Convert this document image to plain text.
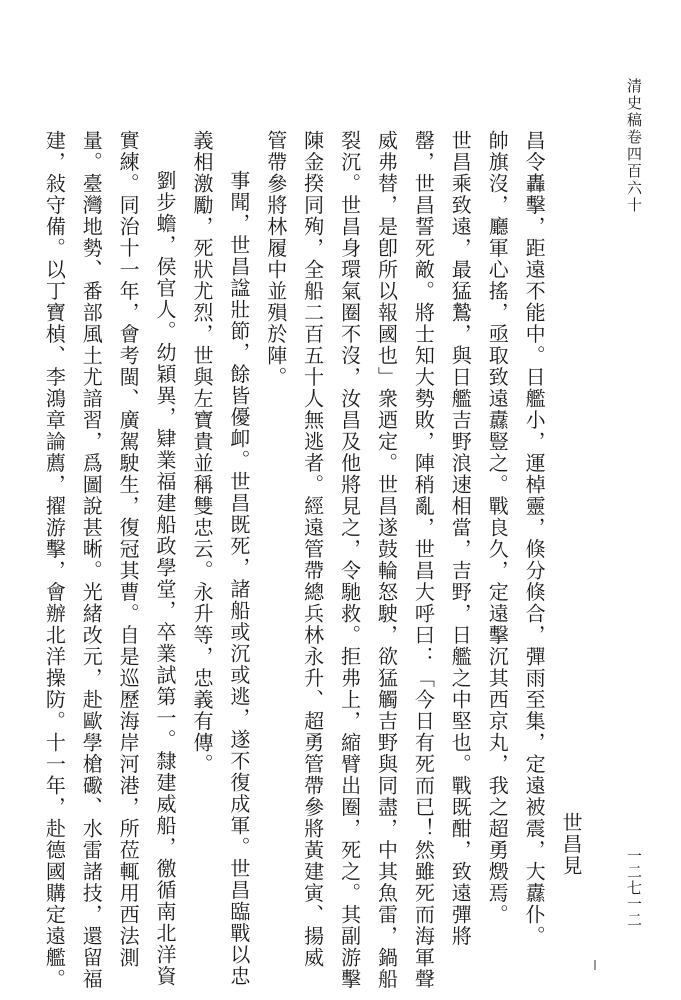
清史稿卷四百六十
一二七一二
世昌見
昌令轟擊，距遠不能中。日艦小，運棹靈，倏分倏合，彈雨至集，定遠被震，大纛仆。
帥旗沒，廳軍心搖，亟取致遠纛豎之。戰良久，定遠擊沉其西京丸，我之超勇燬焉。
世昌乘致遠，最猛鷙，與日艦吉野浪速相當，吉野，日艦之中堅也。戰既酣，致遠彈將
罄，世昌誓死敵。將士知大勢敗，陣稍亂，世昌大呼曰：「今日有死而已！然雖死而海軍聲
威弗替，是卽所以報國也」衆迺定。世昌遂鼓輪怒駛，欲猛觸吉野與同盡，中其魚雷，鍋船
裂沉。世昌身環氣圈不沒，汝昌及他將見之，令馳救。拒弗上，縮臂出圈，死之。其副游擊
陳金揆同殉，全船二百五十人無逃者。經遠管帶總兵林永升、超勇管帶參將黃建寅、揚威
管帶參將林履中並殞於陣。
事聞，世昌諡壯節，餘皆優卹。世昌既死，諸船或沉或逃，遂不復成軍。世昌臨戰以忠
義相激勵，死狀尤烈，世與左寶貴並稱雙忠云。永升等，忠義有傳。
劉步蟾，侯官人。幼穎異，肄業福建船政學堂，卒業試第一。隸建威船，徼循南北洋資
實練。同治十一年，會考閩、廣駕駛生，復冠其曹。自是巡歷海岸河港，所莅輒用西法測
量。臺灣地勢、番部風土尤諳習，爲圖說甚晰。光緒改元，赴歐學槍礮、水雷諸技，還留福
建，敍守備。以丁寶楨、李鴻章論薦，擢游擊，會辦北洋操防。十一年，赴德國購定遠艦。
